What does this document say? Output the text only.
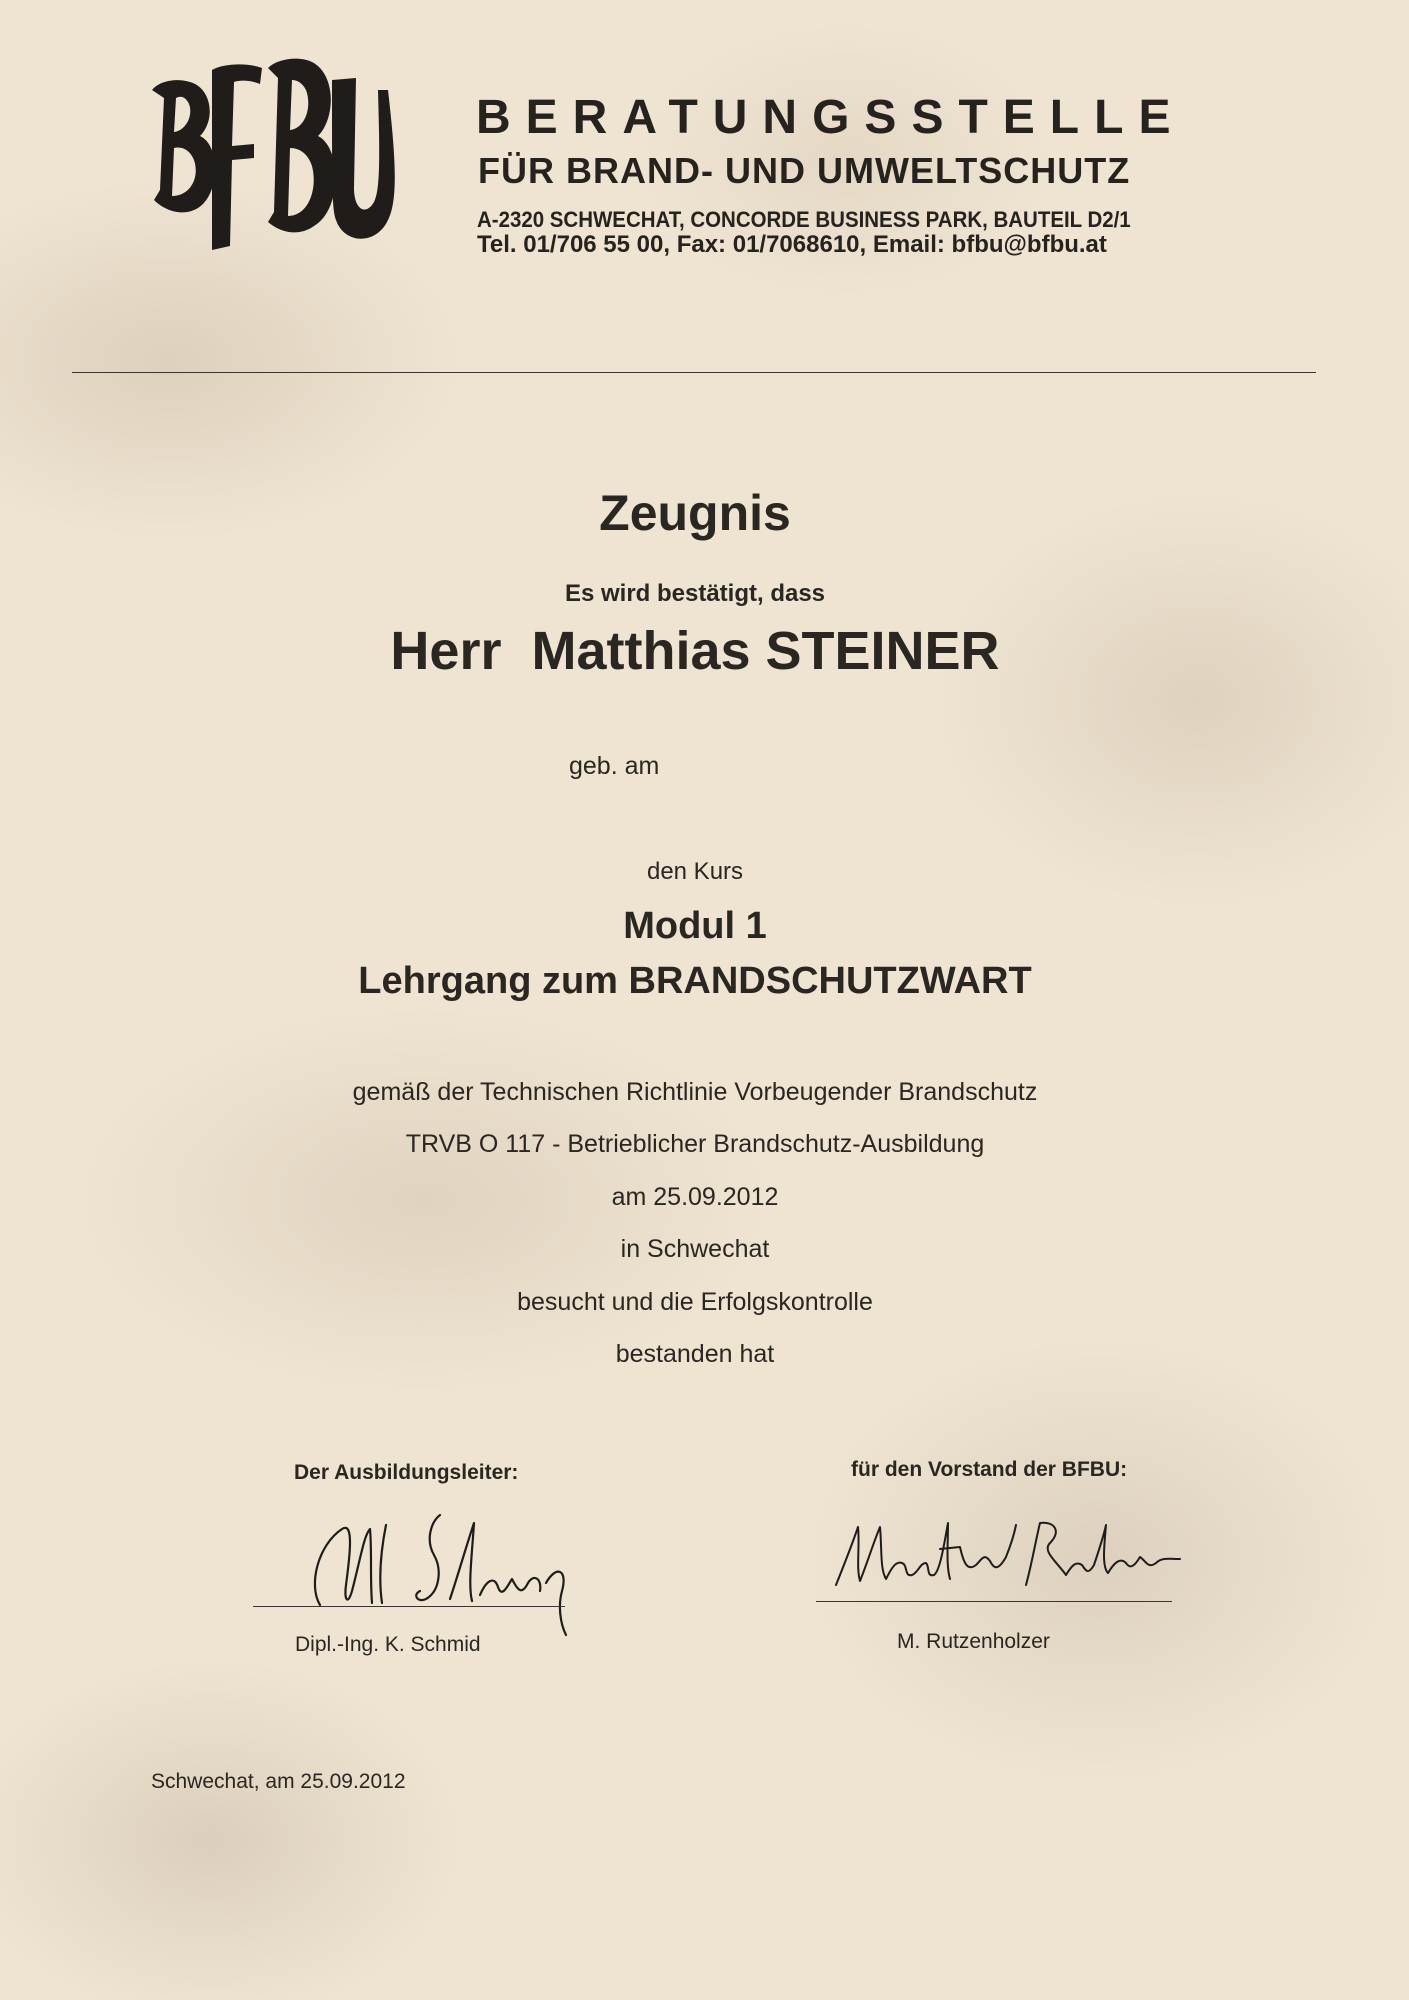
BERATUNGSSTELLE
FÜR BRAND- UND UMWELTSCHUTZ
A-2320 SCHWECHAT, CONCORDE BUSINESS PARK, BAUTEIL D2/1
Tel. 01/706 55 00, Fax: 01/7068610, Email: bfbu@bfbu.at
Zeugnis
Es wird bestätigt, dass
Herr  Matthias STEINER
geb. am
den Kurs
Modul 1
Lehrgang zum BRANDSCHUTZWART
gemäß der Technischen Richtlinie Vorbeugender Brandschutz
TRVB O 117 - Betrieblicher Brandschutz-Ausbildung
am 25.09.2012
in Schwechat
besucht und die Erfolgskontrolle
bestanden hat
Der Ausbildungsleiter:	für den Vorstand der BFBU:
Dipl.-Ing. K. Schmid	M. Rutzenholzer
Schwechat, am 25.09.2012
